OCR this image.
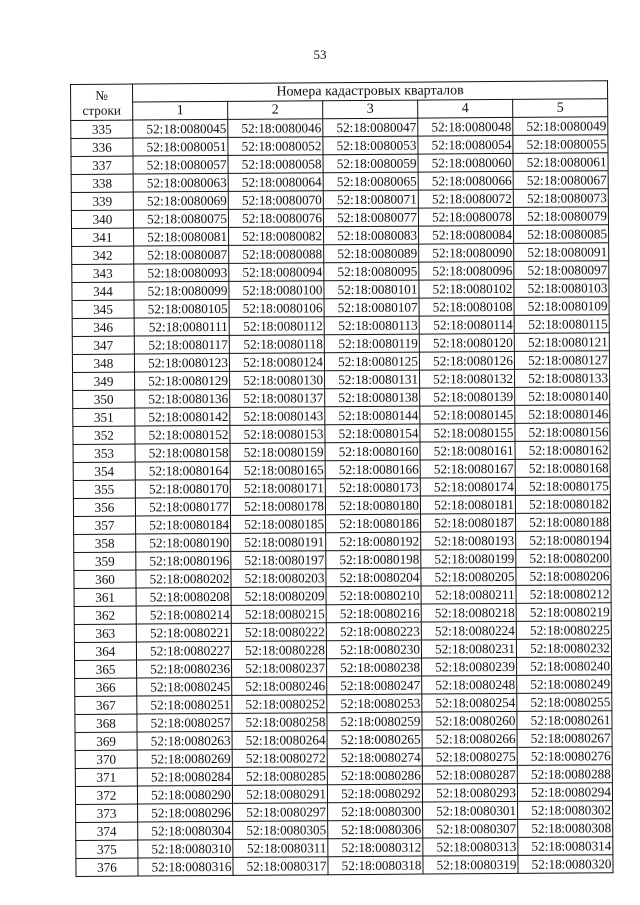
53
№
строки	Номера кадастровых кварталов				
	1	2	3	4	5
335	52:18:0080045	52:18:0080046	52:18:0080047	52:18:0080048	52:18:0080049
336	52:18:0080051	52:18:0080052	52:18:0080053	52:18:0080054	52:18:0080055
337	52:18:0080057	52:18:0080058	52:18:0080059	52:18:0080060	52:18:0080061
338	52:18:0080063	52:18:0080064	52:18:0080065	52:18:0080066	52:18:0080067
339	52:18:0080069	52:18:0080070	52:18:0080071	52:18:0080072	52:18:0080073
340	52:18:0080075	52:18:0080076	52:18:0080077	52:18:0080078	52:18:0080079
341	52:18:0080081	52:18:0080082	52:18:0080083	52:18:0080084	52:18:0080085
342	52:18:0080087	52:18:0080088	52:18:0080089	52:18:0080090	52:18:0080091
343	52:18:0080093	52:18:0080094	52:18:0080095	52:18:0080096	52:18:0080097
344	52:18:0080099	52:18:0080100	52:18:0080101	52:18:0080102	52:18:0080103
345	52:18:0080105	52:18:0080106	52:18:0080107	52:18:0080108	52:18:0080109
346	52:18:0080111	52:18:0080112	52:18:0080113	52:18:0080114	52:18:0080115
347	52:18:0080117	52:18:0080118	52:18:0080119	52:18:0080120	52:18:0080121
348	52:18:0080123	52:18:0080124	52:18:0080125	52:18:0080126	52:18:0080127
349	52:18:0080129	52:18:0080130	52:18:0080131	52:18:0080132	52:18:0080133
350	52:18:0080136	52:18:0080137	52:18:0080138	52:18:0080139	52:18:0080140
351	52:18:0080142	52:18:0080143	52:18:0080144	52:18:0080145	52:18:0080146
352	52:18:0080152	52:18:0080153	52:18:0080154	52:18:0080155	52:18:0080156
353	52:18:0080158	52:18:0080159	52:18:0080160	52:18:0080161	52:18:0080162
354	52:18:0080164	52:18:0080165	52:18:0080166	52:18:0080167	52:18:0080168
355	52:18:0080170	52:18:0080171	52:18:0080173	52:18:0080174	52:18:0080175
356	52:18:0080177	52:18:0080178	52:18:0080180	52:18:0080181	52:18:0080182
357	52:18:0080184	52:18:0080185	52:18:0080186	52:18:0080187	52:18:0080188
358	52:18:0080190	52:18:0080191	52:18:0080192	52:18:0080193	52:18:0080194
359	52:18:0080196	52:18:0080197	52:18:0080198	52:18:0080199	52:18:0080200
360	52:18:0080202	52:18:0080203	52:18:0080204	52:18:0080205	52:18:0080206
361	52:18:0080208	52:18:0080209	52:18:0080210	52:18:0080211	52:18:0080212
362	52:18:0080214	52:18:0080215	52:18:0080216	52:18:0080218	52:18:0080219
363	52:18:0080221	52:18:0080222	52:18:0080223	52:18:0080224	52:18:0080225
364	52:18:0080227	52:18:0080228	52:18:0080230	52:18:0080231	52:18:0080232
365	52:18:0080236	52:18:0080237	52:18:0080238	52:18:0080239	52:18:0080240
366	52:18:0080245	52:18:0080246	52:18:0080247	52:18:0080248	52:18:0080249
367	52:18:0080251	52:18:0080252	52:18:0080253	52:18:0080254	52:18:0080255
368	52:18:0080257	52:18:0080258	52:18:0080259	52:18:0080260	52:18:0080261
369	52:18:0080263	52:18:0080264	52:18:0080265	52:18:0080266	52:18:0080267
370	52:18:0080269	52:18:0080272	52:18:0080274	52:18:0080275	52:18:0080276
371	52:18:0080284	52:18:0080285	52:18:0080286	52:18:0080287	52:18:0080288
372	52:18:0080290	52:18:0080291	52:18:0080292	52:18:0080293	52:18:0080294
373	52:18:0080296	52:18:0080297	52:18:0080300	52:18:0080301	52:18:0080302
374	52:18:0080304	52:18:0080305	52:18:0080306	52:18:0080307	52:18:0080308
375	52:18:0080310	52:18:0080311	52:18:0080312	52:18:0080313	52:18:0080314
376	52:18:0080316	52:18:0080317	52:18:0080318	52:18:0080319	52:18:0080320
